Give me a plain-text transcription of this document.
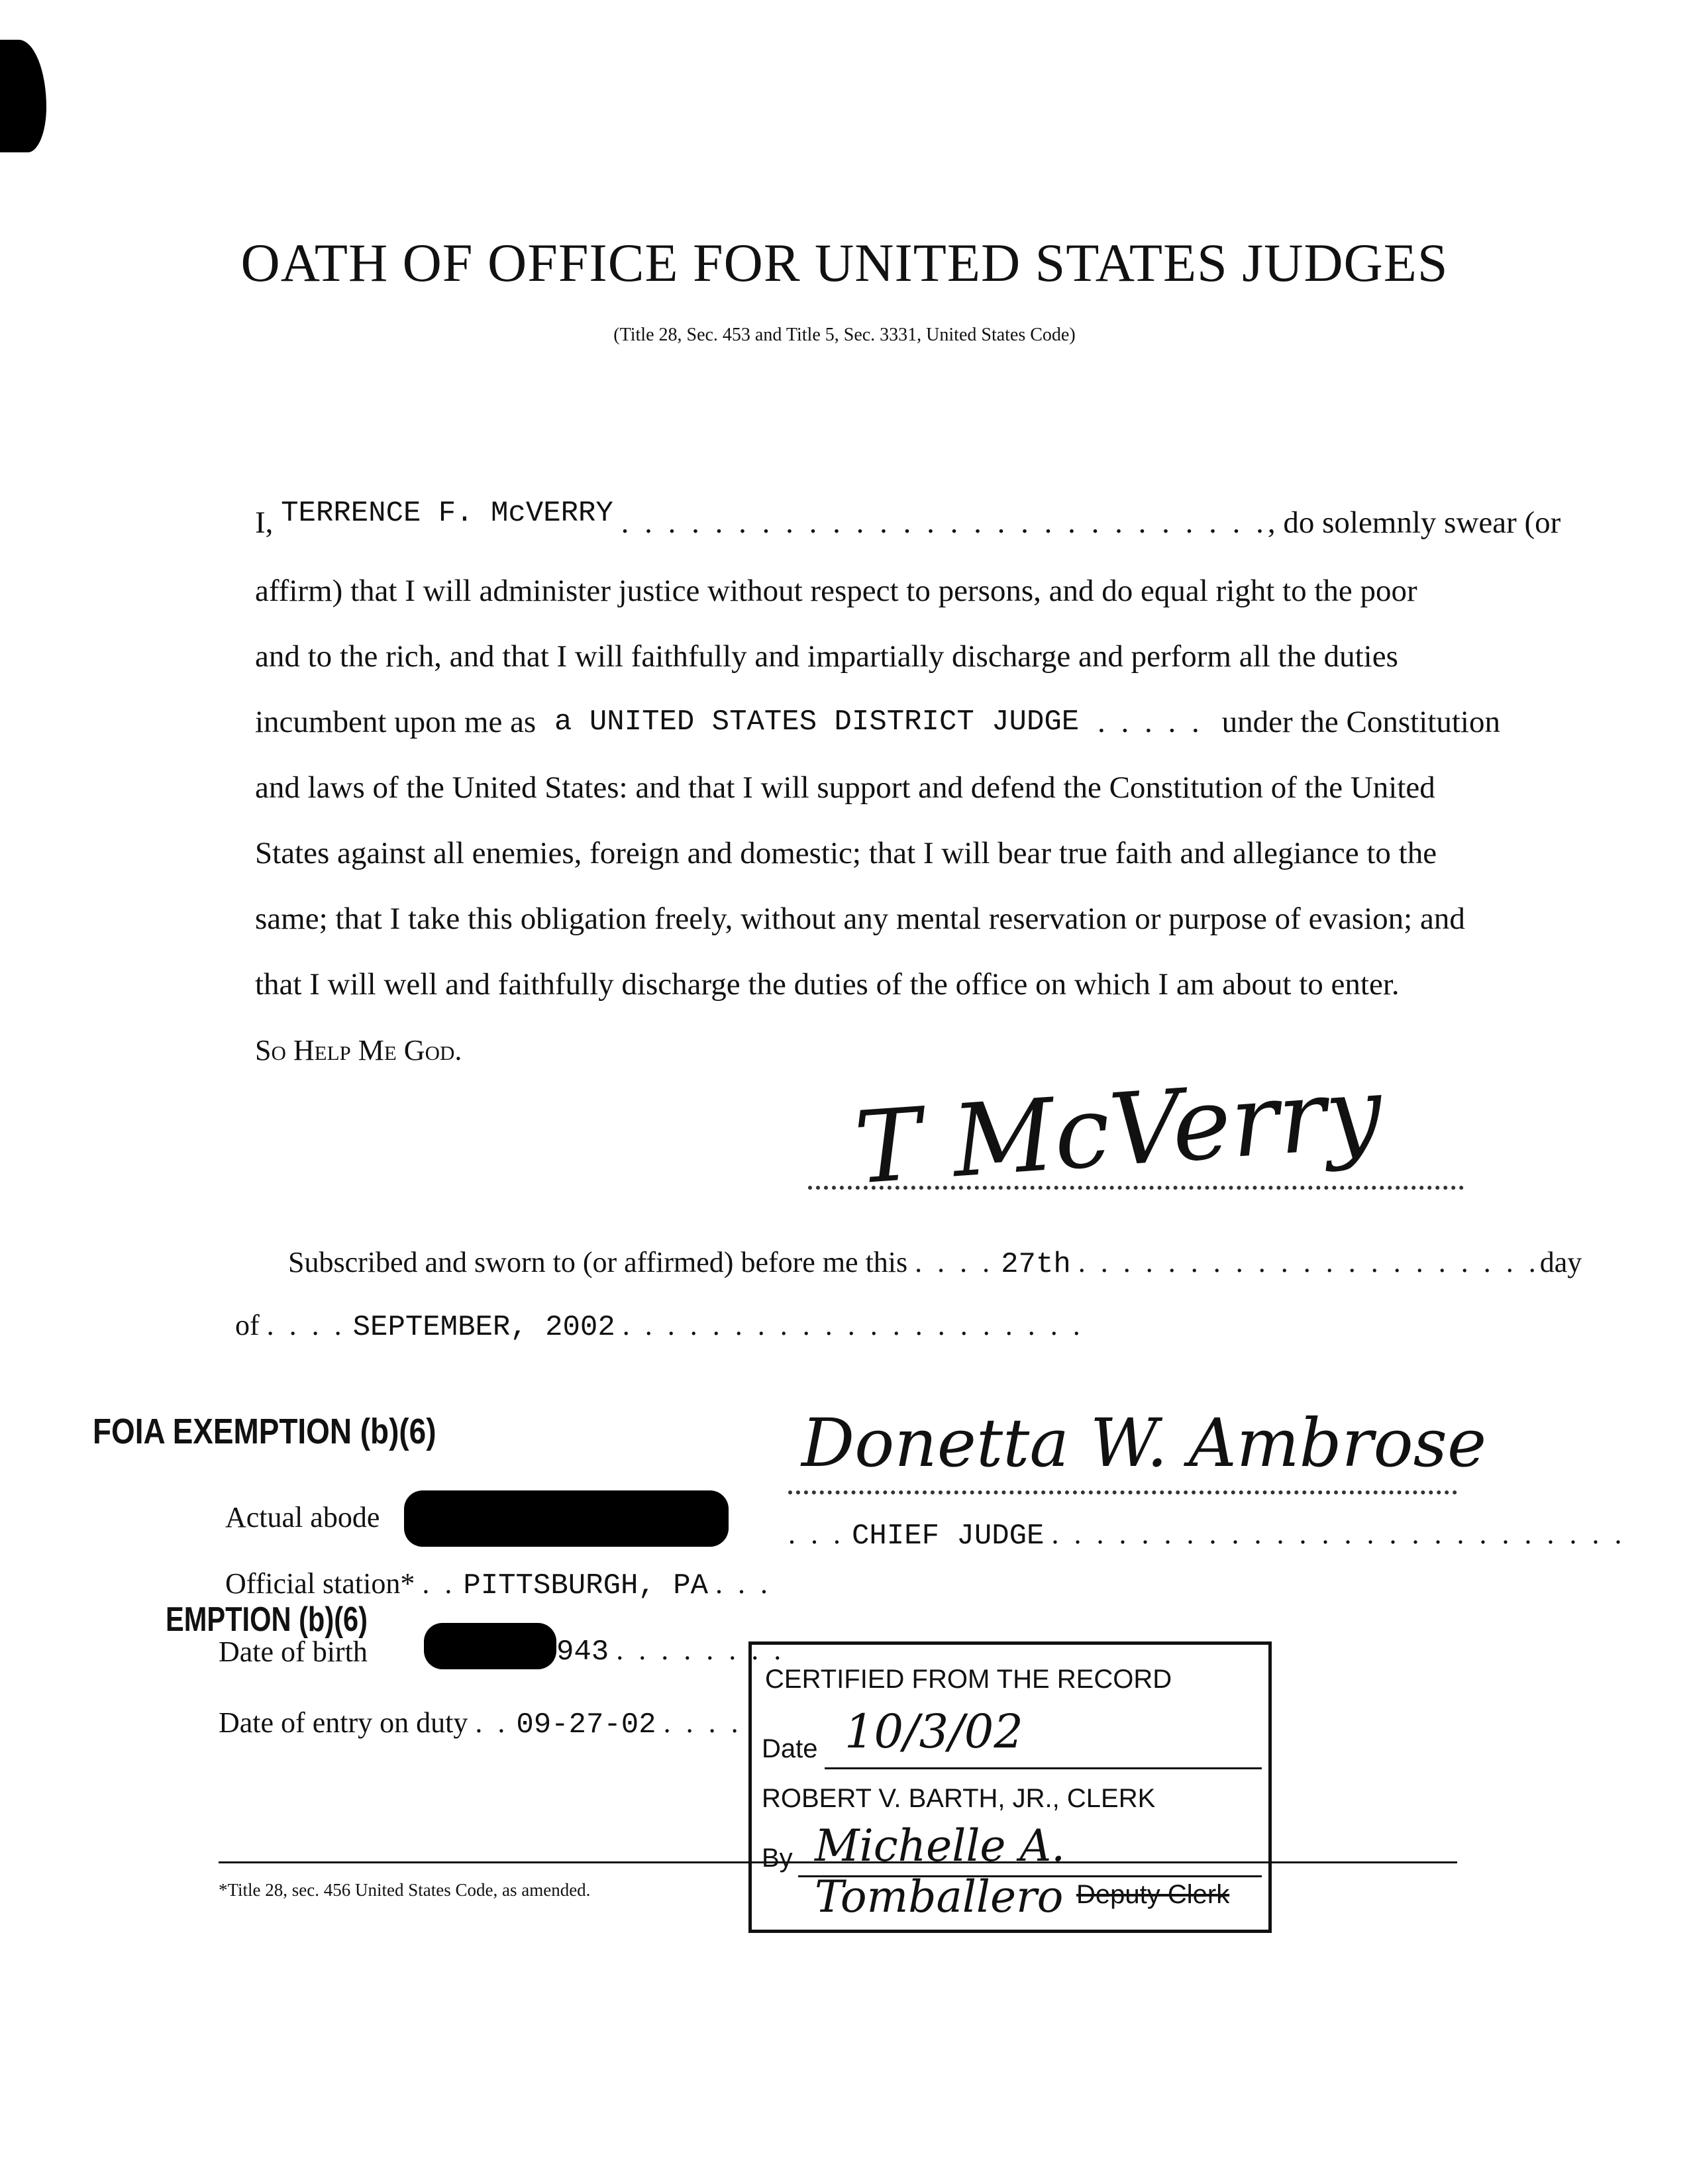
OATH OF OFFICE FOR UNITED STATES JUDGES
(Title 28, Sec. 453 and Title 5, Sec. 3331, United States Code)
I, TERRENCE F. McVERRY . . . . . . . . . . . . . . . . . . . . . . . . . . . . , do solemnly swear (or
affirm) that I will administer justice without respect to persons, and do equal right to the poor
and to the rich, and that I will faithfully and impartially discharge and perform all the duties
incumbent upon me as a UNITED STATES DISTRICT JUDGE . . . . . under the Constitution
and laws of the United States: and that I will support and defend the Constitution of the United
States against all enemies, foreign and domestic; that I will bear true faith and allegiance to the
same; that I take this obligation freely, without any mental reservation or purpose of evasion; and
that I will well and faithfully discharge the duties of the office on which I am about to enter.
So Help Me God.
T McVerry
Subscribed and sworn to (or affirmed) before me this . . . . 27th . . . . . . . . . . . . . . . . . . . . . day
of . . . . SEPTEMBER, 2002 . . . . . . . . . . . . . . . . . . . . .
FOIA EXEMPTION (b)(6)	Donetta W. Ambrose
. . . CHIEF JUDGE . . . . . . . . . . . . . . . . . . . . . . . . . .
Actual abode
Official station* . . PITTSBURGH, PA . . .
EMPTION (b)(6)
Date of birth	943 . . . . . . . .
Date of entry on duty . . 09-27-02 . . . .
CERTIFIED FROM THE RECORD
Date 10/3/02
ROBERT V. BARTH, JR., CLERK
By Michelle A. Tomballero Deputy Clerk
*Title 28, sec. 456 United States Code, as amended.
